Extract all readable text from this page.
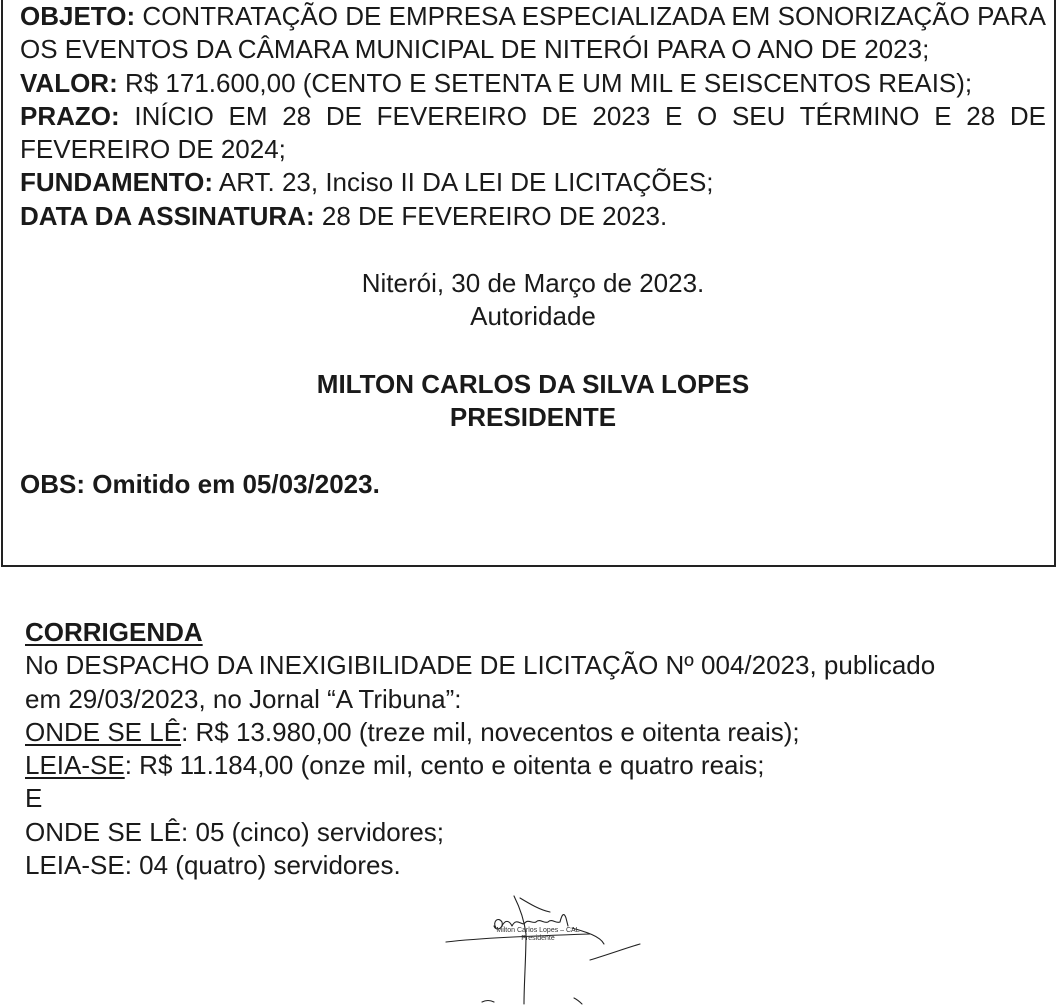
OBJETO: CONTRATAÇÃO DE EMPRESA ESPECIALIZADA EM SONORIZAÇÃO PARA OS EVENTOS DA CÂMARA MUNICIPAL DE NITERÓI PARA O ANO DE 2023;

VALOR: R$ 171.600,00 (CENTO E SETENTA E UM MIL E SEISCENTOS REAIS);

PRAZO: INÍCIO EM 28 DE FEVEREIRO DE 2023 E O SEU TÉRMINO E 28 DE FEVEREIRO DE 2024;

FUNDAMENTO: ART. 23, Inciso II DA LEI DE LICITAÇÕES;

DATA DA ASSINATURA: 28 DE FEVEREIRO DE 2023.

Niterói, 30 de Março de 2023.

Autoridade

MILTON CARLOS DA SILVA LOPES

PRESIDENTE

OBS: Omitido em 05/03/2023.

CORRIGENDA

No DESPACHO DA INEXIGIBILIDADE DE LICITAÇÃO Nº 004/2023, publicado

em 29/03/2023, no Jornal “A Tribuna”:

ONDE SE LÊ: R$ 13.980,00 (treze mil, novecentos e oitenta reais);

LEIA-SE: R$ 11.184,00 (onze mil, cento e oitenta e quatro reais;

E

ONDE SE LÊ: 05 (cinco) servidores;

LEIA-SE: 04 (quatro) servidores.

Milton Carlos Lopes – CAL
Presidente
